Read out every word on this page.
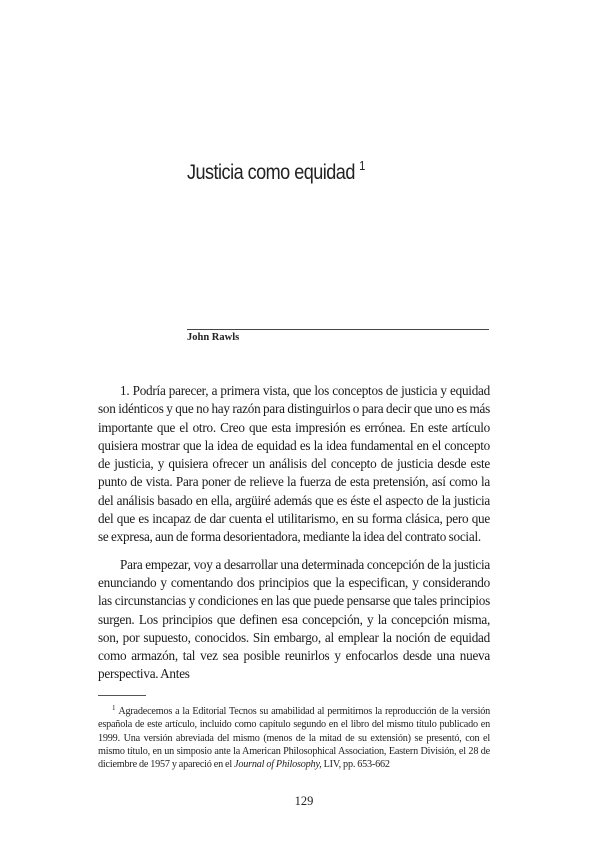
Justicia como equidad $^1$
John Rawls

1. Podría parecer, a primera vista, que los conceptos de justicia y equidad son idénticos y que no hay razón para distinguirlos o para decir que uno es más importante que el otro. Creo que esta impresión es errónea. En este artículo quisiera mostrar que la idea de equidad es la idea fundamental en el concepto de justicia, y quisiera ofrecer un análisis del concepto de justicia desde este punto de vista. Para poner de relieve la fuerza de esta pretensión, así como la del análisis basado en ella, argüiré además que es éste el aspecto de la justicia del que es incapaz de dar cuenta el utilitarismo, en su forma clásica, pero que se expresa, aun de forma desorientadora, mediante la idea del contrato social.

Para empezar, voy a desarrollar una determinada concepción de la justicia enunciando y comentando dos principios que la especifican, y considerando las circunstancias y condiciones en las que puede pensarse que tales principios surgen. Los principios que definen esa concepción, y la concepción misma, son, por supuesto, conocidos. Sin embargo, al emplear la noción de equidad como armazón, tal vez sea posible reunirlos y enfocarlos desde una nueva perspectiva. Antes

$^1$ Agradecemos a la Editorial Tecnos su amabilidad al permitirnos la reproducción de la versión española de este artículo, incluido como capítulo segundo en el libro del mismo título publicado en 1999. Una versión abreviada del mismo (menos de la mitad de su extensión) se presentó, con el mismo título, en un simposio ante la American Philosophical Association, Eastern División, el 28 de diciembre de 1957 y apareció en el Journal of Philosophy, LIV, pp. 653-662

129
